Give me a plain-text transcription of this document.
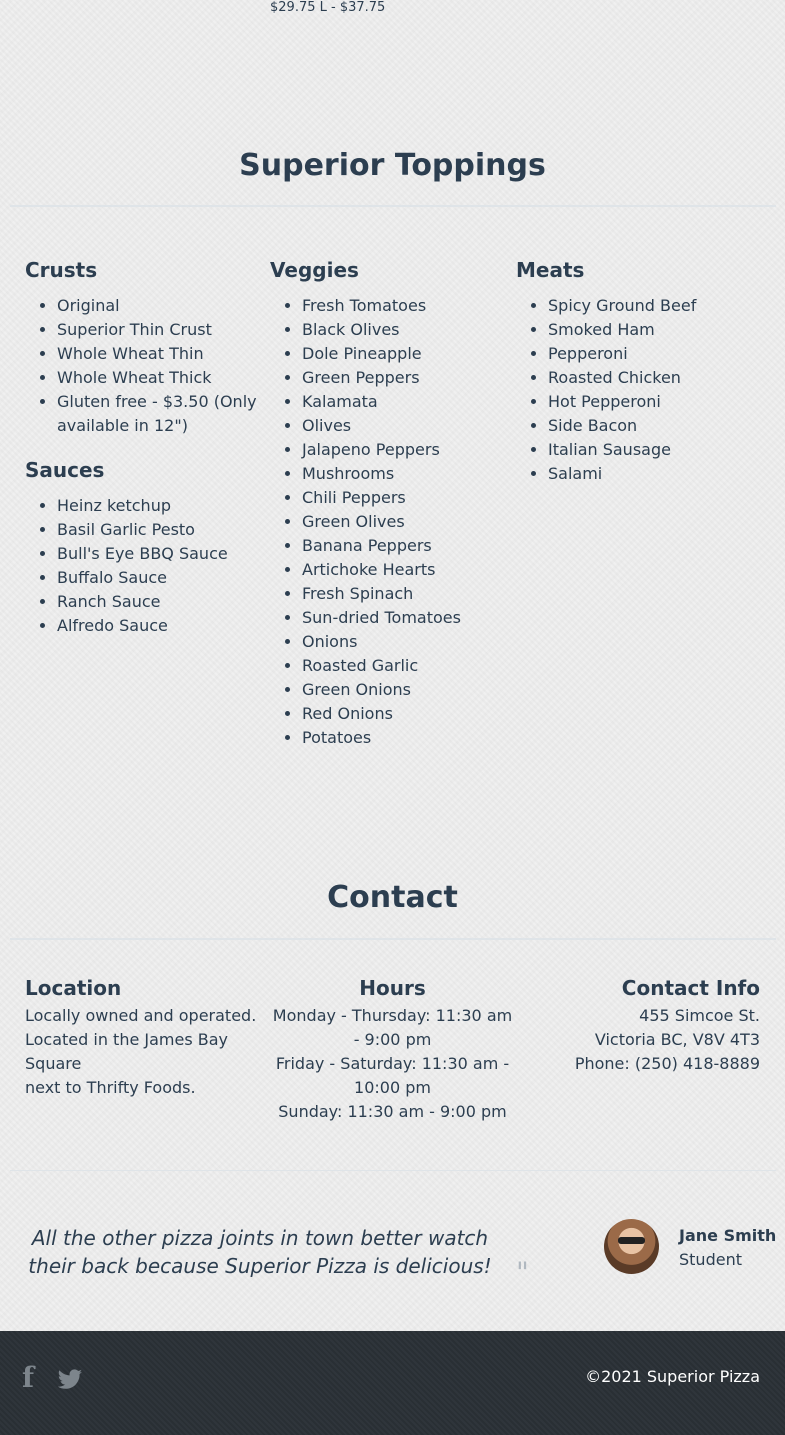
$29.75 L - $37.75
Superior Toppings
Crusts
• Original
• Superior Thin Crust
• Whole Wheat Thin
• Whole Wheat Thick
• Gluten free - $3.50 (Only available in 12")
Sauces
• Heinz ketchup
• Basil Garlic Pesto
• Bull's Eye BBQ Sauce
• Buffalo Sauce
• Ranch Sauce
• Alfredo Sauce
Veggies
• Fresh Tomatoes
• Black Olives
• Dole Pineapple
• Green Peppers
• Kalamata
• Olives
• Jalapeno Peppers
• Mushrooms
• Chili Peppers
• Green Olives
• Banana Peppers
• Artichoke Hearts
• Fresh Spinach
• Sun-dried Tomatoes
• Onions
• Roasted Garlic
• Green Onions
• Red Onions
• Potatoes
Meats
• Spicy Ground Beef
• Smoked Ham
• Pepperoni
• Roasted Chicken
• Hot Pepperoni
• Side Bacon
• Italian Sausage
• Salami
Contact
Location

Locally owned and operated.

Located in the James Bay Square

next to Thrifty Foods.

Hours

Monday - Thursday: 11:30 am - 9:00 pm

Friday - Saturday: 11:30 am - 10:00 pm

Sunday: 11:30 am - 9:00 pm

Contact Info

455 Simcoe St.

Victoria BC, V8V 4T3

Phone: (250) 418-8889

All the other pizza joints in town better watch their back because Superior Pizza is delicious! "
Jane Smith
Student
f	©2021 Superior Pizza
